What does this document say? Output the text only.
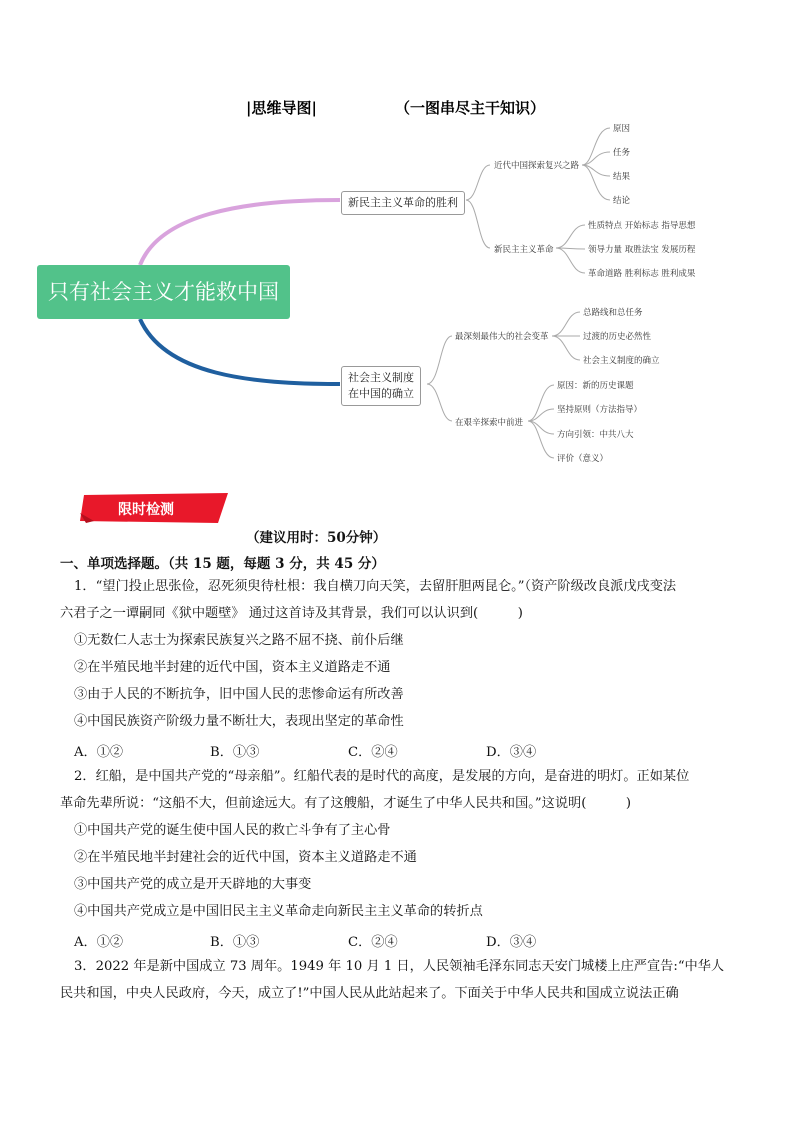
|思维导图|	（一图串尽主干知识）
只有社会主义才能救中国
新民主主义革命的胜利
社会主义制度
在中国的确立
近代中国探索复兴之路
原因
任务
结果
结论
新民主主义革命
性质特点 开始标志 指导思想
领导力量 取胜法宝 发展历程
革命道路 胜利标志 胜利成果
最深刻最伟大的社会变革
总路线和总任务
过渡的历史必然性
社会主义制度的确立
在艰辛探索中前进
原因：新的历史课题
坚持原则（方法指导）
方向引领：中共八大
评价（意义）
限时检测
（建议用时：50分钟）
一、单项选择题。（共 15 题，每题 3 分，共 45 分）
1．“望门投止思张俭，忍死须臾待杜根：我自横刀向天笑，去留肝胆两昆仑。”（资产阶级改良派戊戌变法
六君子之一谭嗣同《狱中题壁》 通过这首诗及其背景，我们可以认识到(　　　)
①无数仁人志士为探索民族复兴之路不屈不挠、前仆后继
②在半殖民地半封建的近代中国，资本主义道路走不通
③由于人民的不断抗争，旧中国人民的悲惨命运有所改善
④中国民族资产阶级力量不断壮大，表现出坚定的革命性
A．①②	B．①③	C．②④	D．③④
2．红船，是中国共产党的“母亲船”。红船代表的是时代的高度，是发展的方向，是奋进的明灯。正如某位
革命先辈所说：“这船不大，但前途远大。有了这艘船，才诞生了中华人民共和国。”这说明(　　　)
①中国共产党的诞生使中国人民的救亡斗争有了主心骨
②在半殖民地半封建社会的近代中国，资本主义道路走不通
③中国共产党的成立是开天辟地的大事变
④中国共产党成立是中国旧民主主义革命走向新民主主义革命的转折点
A．①②	B．①③	C．②④	D．③④
3．2022 年是新中国成立 73 周年。1949 年 10 月 1 日，人民领袖毛泽东同志天安门城楼上庄严宣告:“中华人
民共和国，中央人民政府，今天，成立了!”中国人民从此站起来了。下面关于中华人民共和国成立说法正确
